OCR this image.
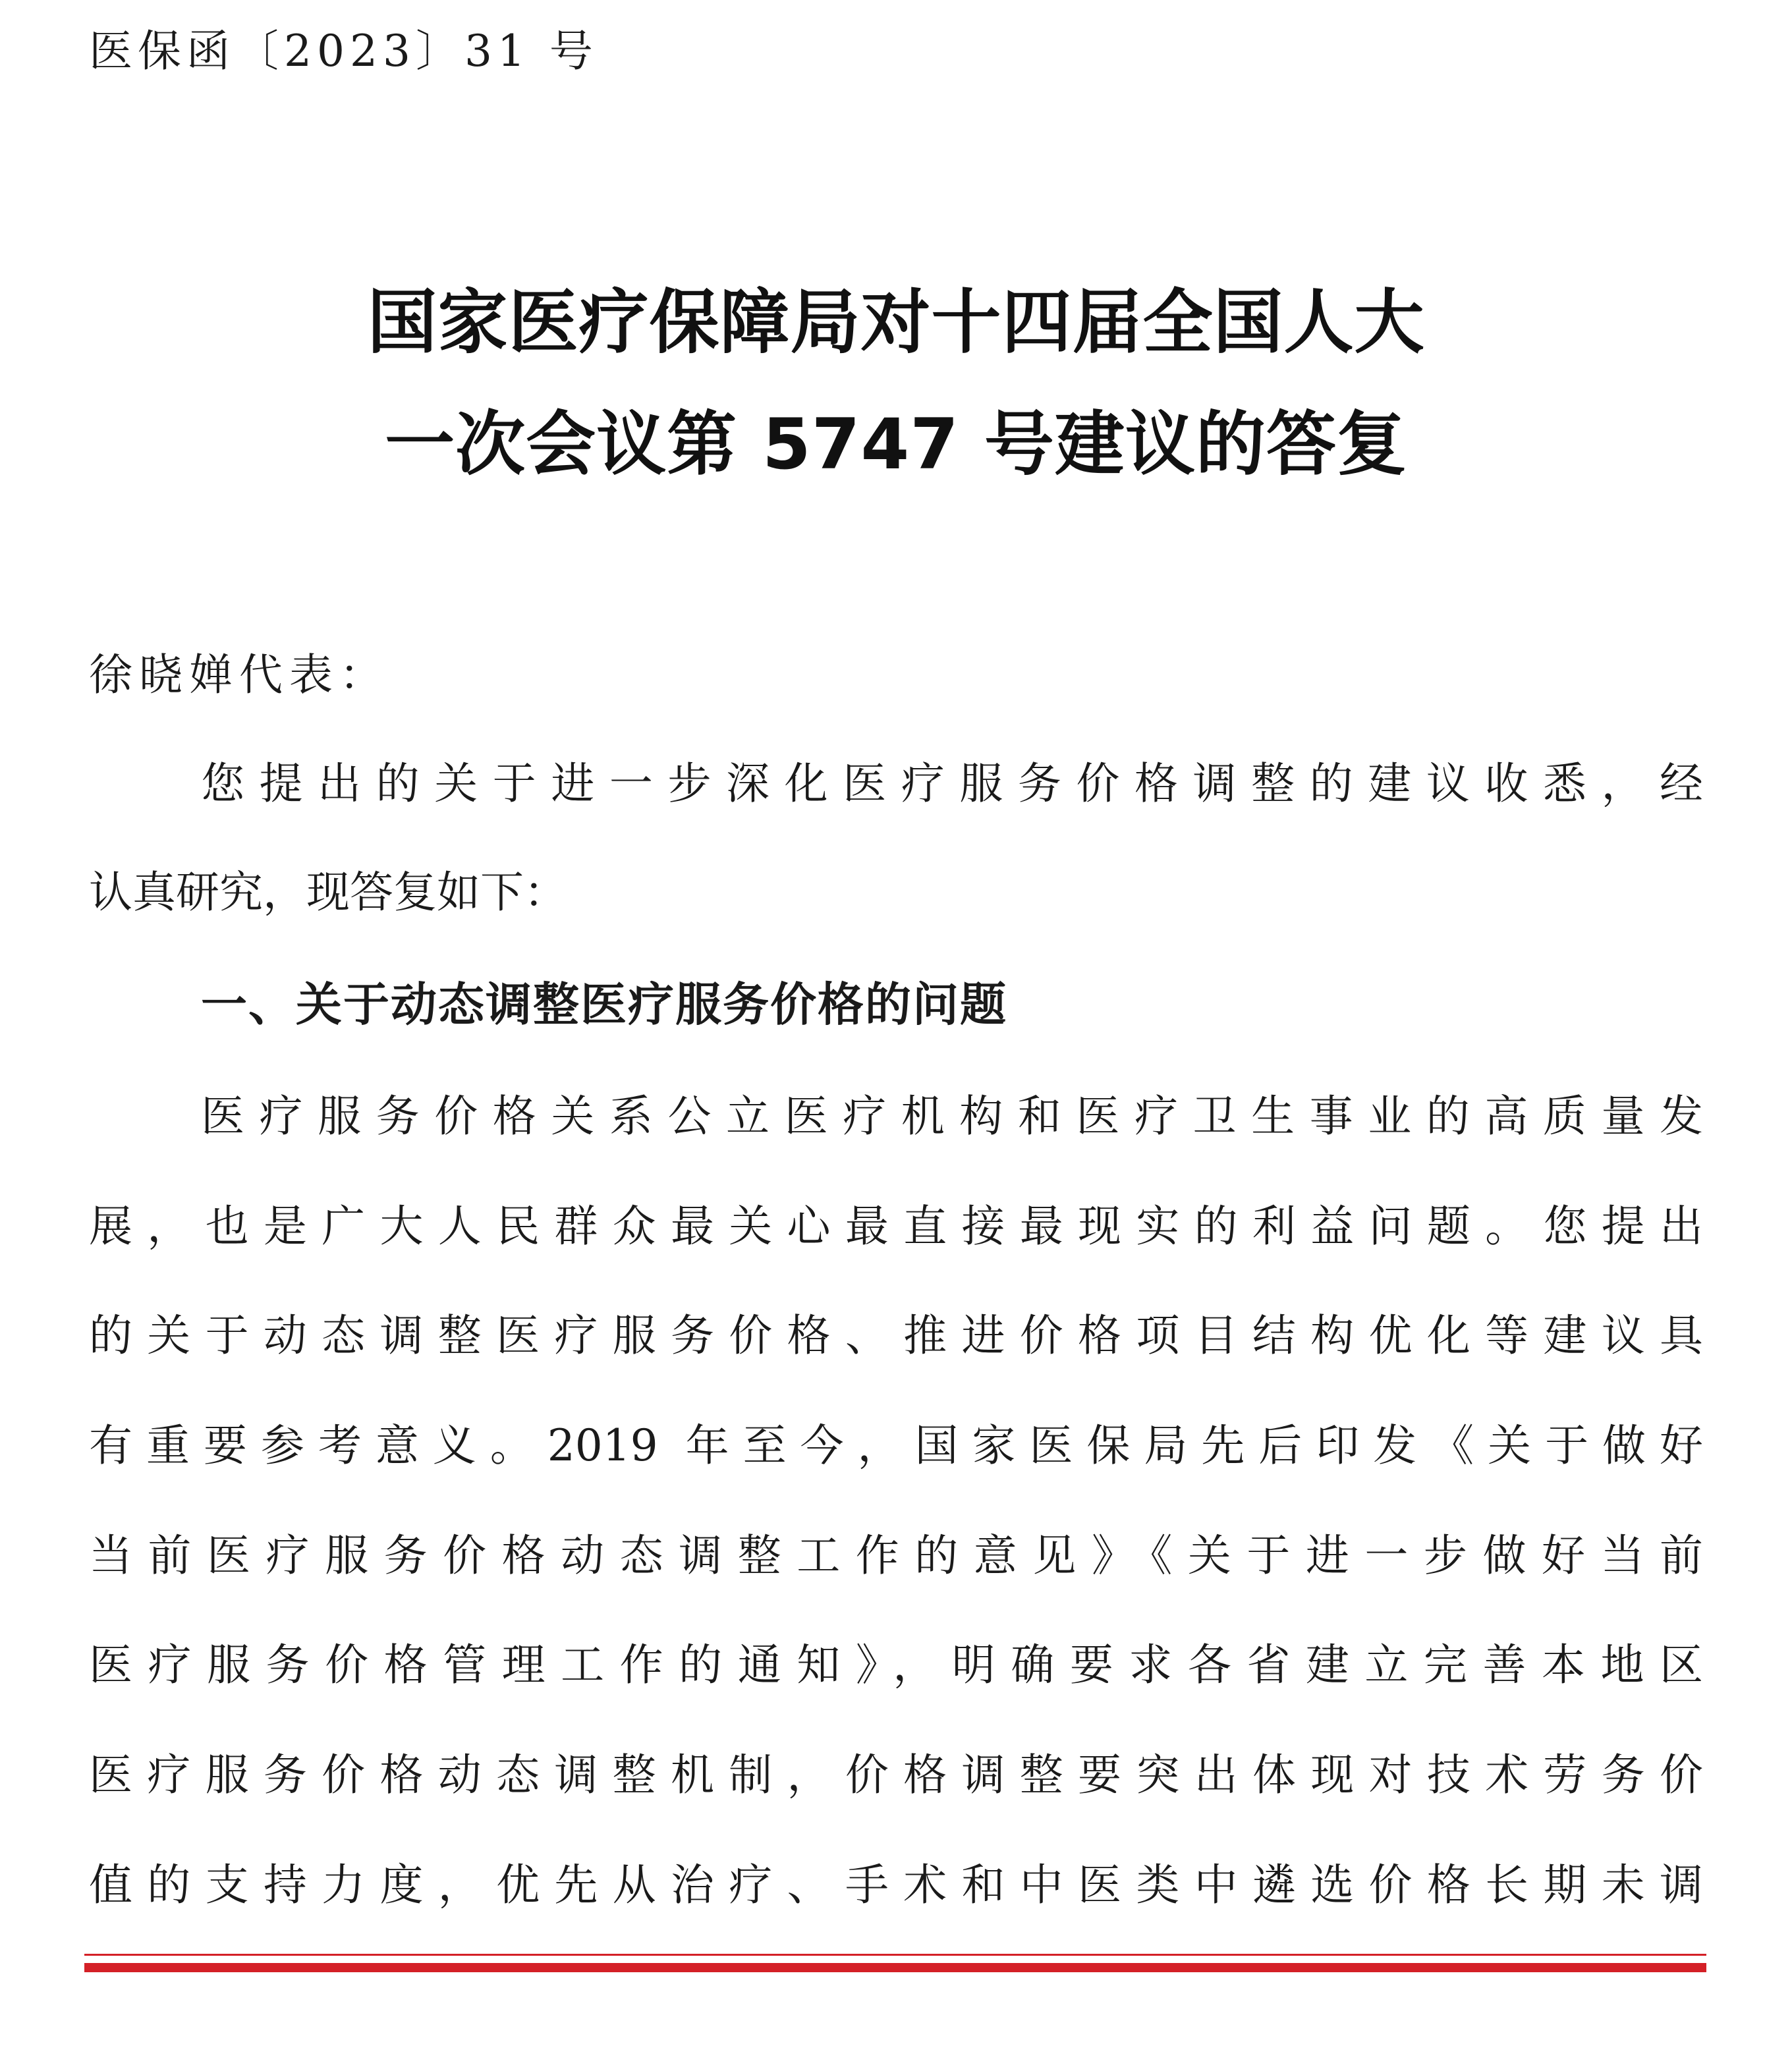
医保函〔2023〕31 号
国家医疗保障局对十四届全国人大
一次会议第 5747 号建议的答复
徐晓婵代表：
您提出的关于进一步深化医疗服务价格调整的建议收悉，经
认真研究，现答复如下：
一、关于动态调整医疗服务价格的问题
医疗服务价格关系公立医疗机构和医疗卫生事业的高质量发
展，也是广大人民群众最关心最直接最现实的利益问题。您提出
的关于动态调整医疗服务价格、推进价格项目结构优化等建议具
有重要参考意义。2019 年至今，国家医保局先后印发《关于做好
当前医疗服务价格动态调整工作的意见》《关于进一步做好当前
医疗服务价格管理工作的通知》，明确要求各省建立完善本地区
医疗服务价格动态调整机制，价格调整要突出体现对技术劳务价
值的支持力度，优先从治疗、手术和中医类中遴选价格长期未调
